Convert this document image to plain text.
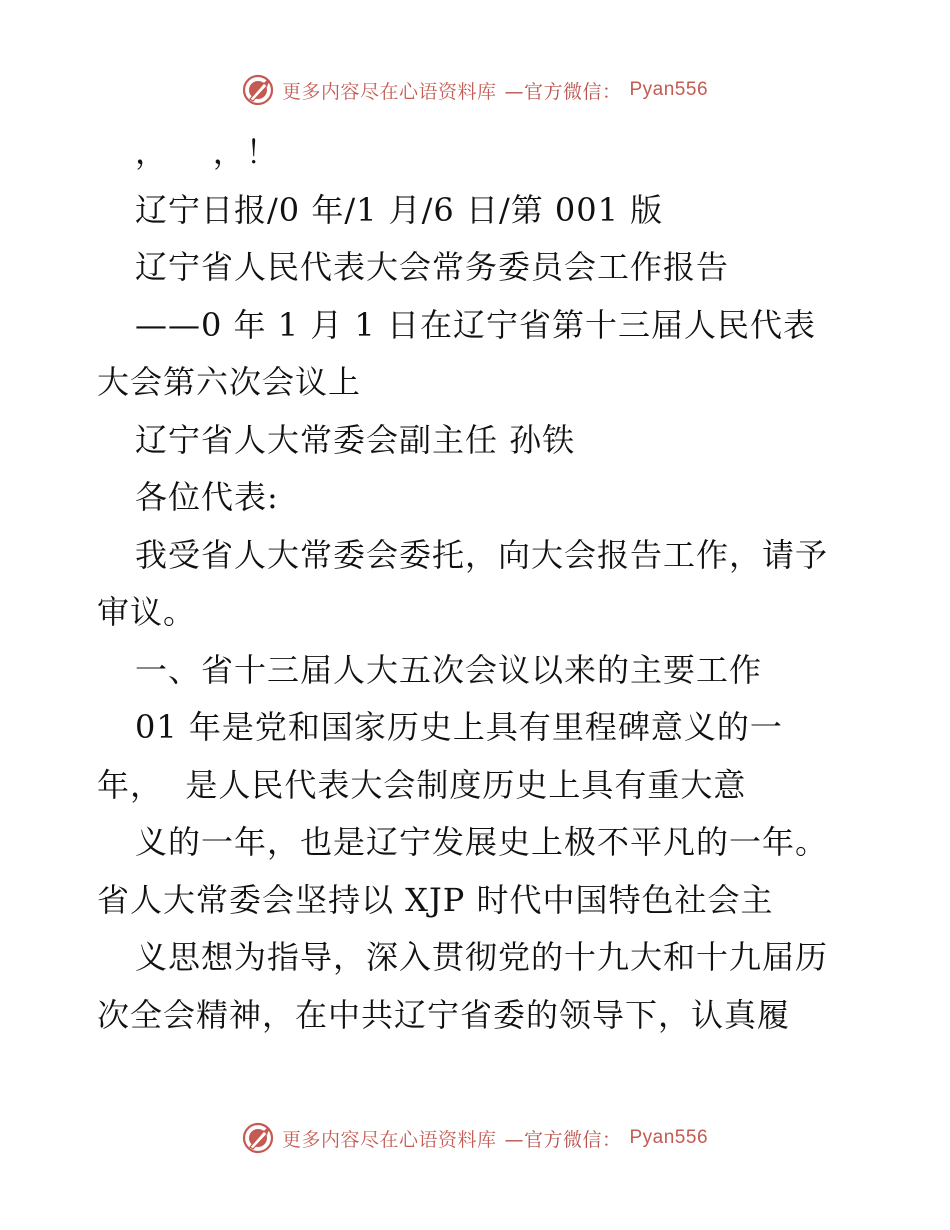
更多内容尽在心语资料库 —官方微信： Pyan556
，    ，！
辽宁日报/0 年/1 月/6 日/第 001 版
辽宁省人民代表大会常务委员会工作报告
——0 年 1 月 1 日在辽宁省第十三届人民代表
大会第六次会议上
辽宁省人大常委会副主任 孙铁
各位代表:
我受省人大常委会委托，向大会报告工作，请予
审议。
一、省十三届人大五次会议以来的主要工作
01 年是党和国家历史上具有里程碑意义的一
年，  是人民代表大会制度历史上具有重大意
义的一年，也是辽宁发展史上极不平凡的一年。
省人大常委会坚持以 XJP 时代中国特色社会主
义思想为指导，深入贯彻党的十九大和十九届历
次全会精神，在中共辽宁省委的领导下，认真履
更多内容尽在心语资料库 —官方微信： Pyan556
